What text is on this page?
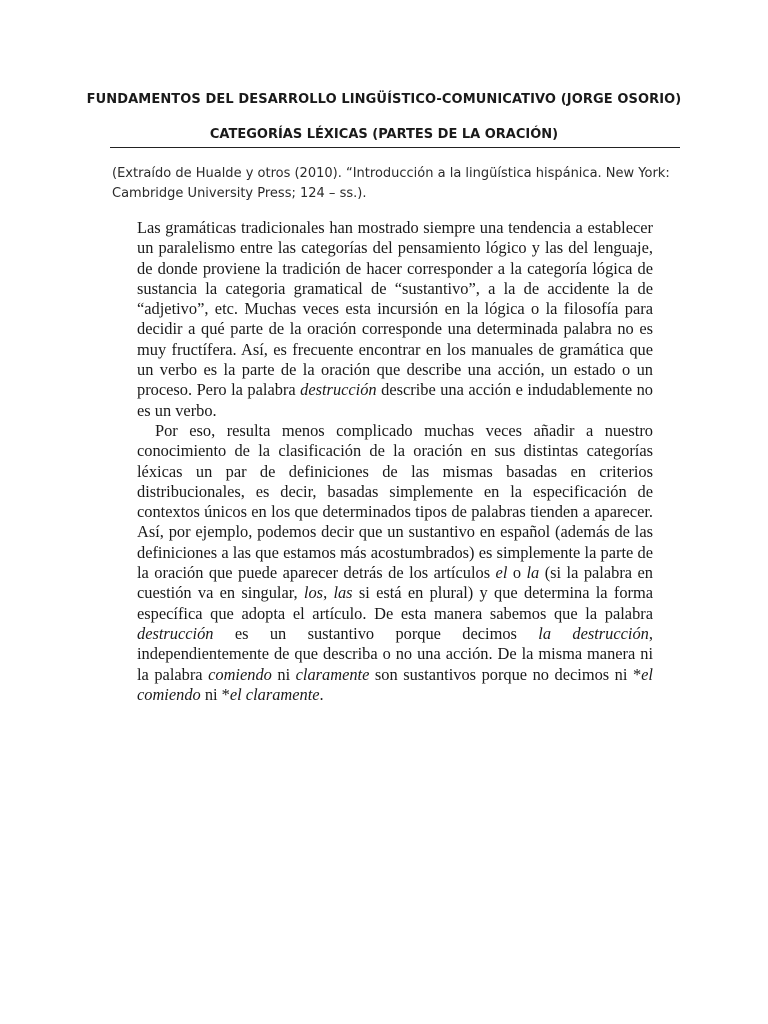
FUNDAMENTOS DEL DESARROLLO LINGÜÍSTICO-COMUNICATIVO (JORGE OSORIO)
CATEGORÍAS LÉXICAS (PARTES DE LA ORACIÓN)

(Extraído de Hualde y otros (2010). “Introducción a la lingüística hispánica. New York: Cambridge University Press; 124 – ss.).

Las gramáticas tradicionales han mostrado siempre una tendencia a establecer un paralelismo entre las categorías del pensamiento lógico y las del lenguaje, de donde proviene la tradición de hacer corresponder a la categoría lógica de sustancia la categoria gramatical de “sustantivo”, a la de accidente la de “adjetivo”, etc. Muchas veces esta incursión en la lógica o la filosofía para decidir a qué parte de la oración corresponde una determinada palabra no es muy fructífera. Así, es frecuente encontrar en los manuales de gramática que un verbo es la parte de la oración que describe una acción, un estado o un proceso. Pero la palabra destrucción describe una acción e indudablemente no es un verbo.

Por eso, resulta menos complicado muchas veces añadir a nuestro conocimiento de la clasificación de la oración en sus distintas categorías léxicas un par de definiciones de las mismas basadas en criterios distribucionales, es decir, basadas simplemente en la especificación de contextos únicos en los que determinados tipos de palabras tienden a aparecer. Así, por ejemplo, podemos decir que un sustantivo en español (además de las definiciones a las que estamos más acostumbrados) es simplemente la parte de la oración que puede aparecer detrás de los artículos el o la (si la palabra en cuestión va en singular, los, las si está en plural) y que determina la forma específica que adopta el artículo. De esta manera sabemos que la palabra destrucción es un sustantivo porque decimos la destrucción, independientemente de que describa o no una acción. De la misma manera ni la palabra comiendo ni claramente son sustantivos porque no decimos ni *el comiendo ni *el claramente.
